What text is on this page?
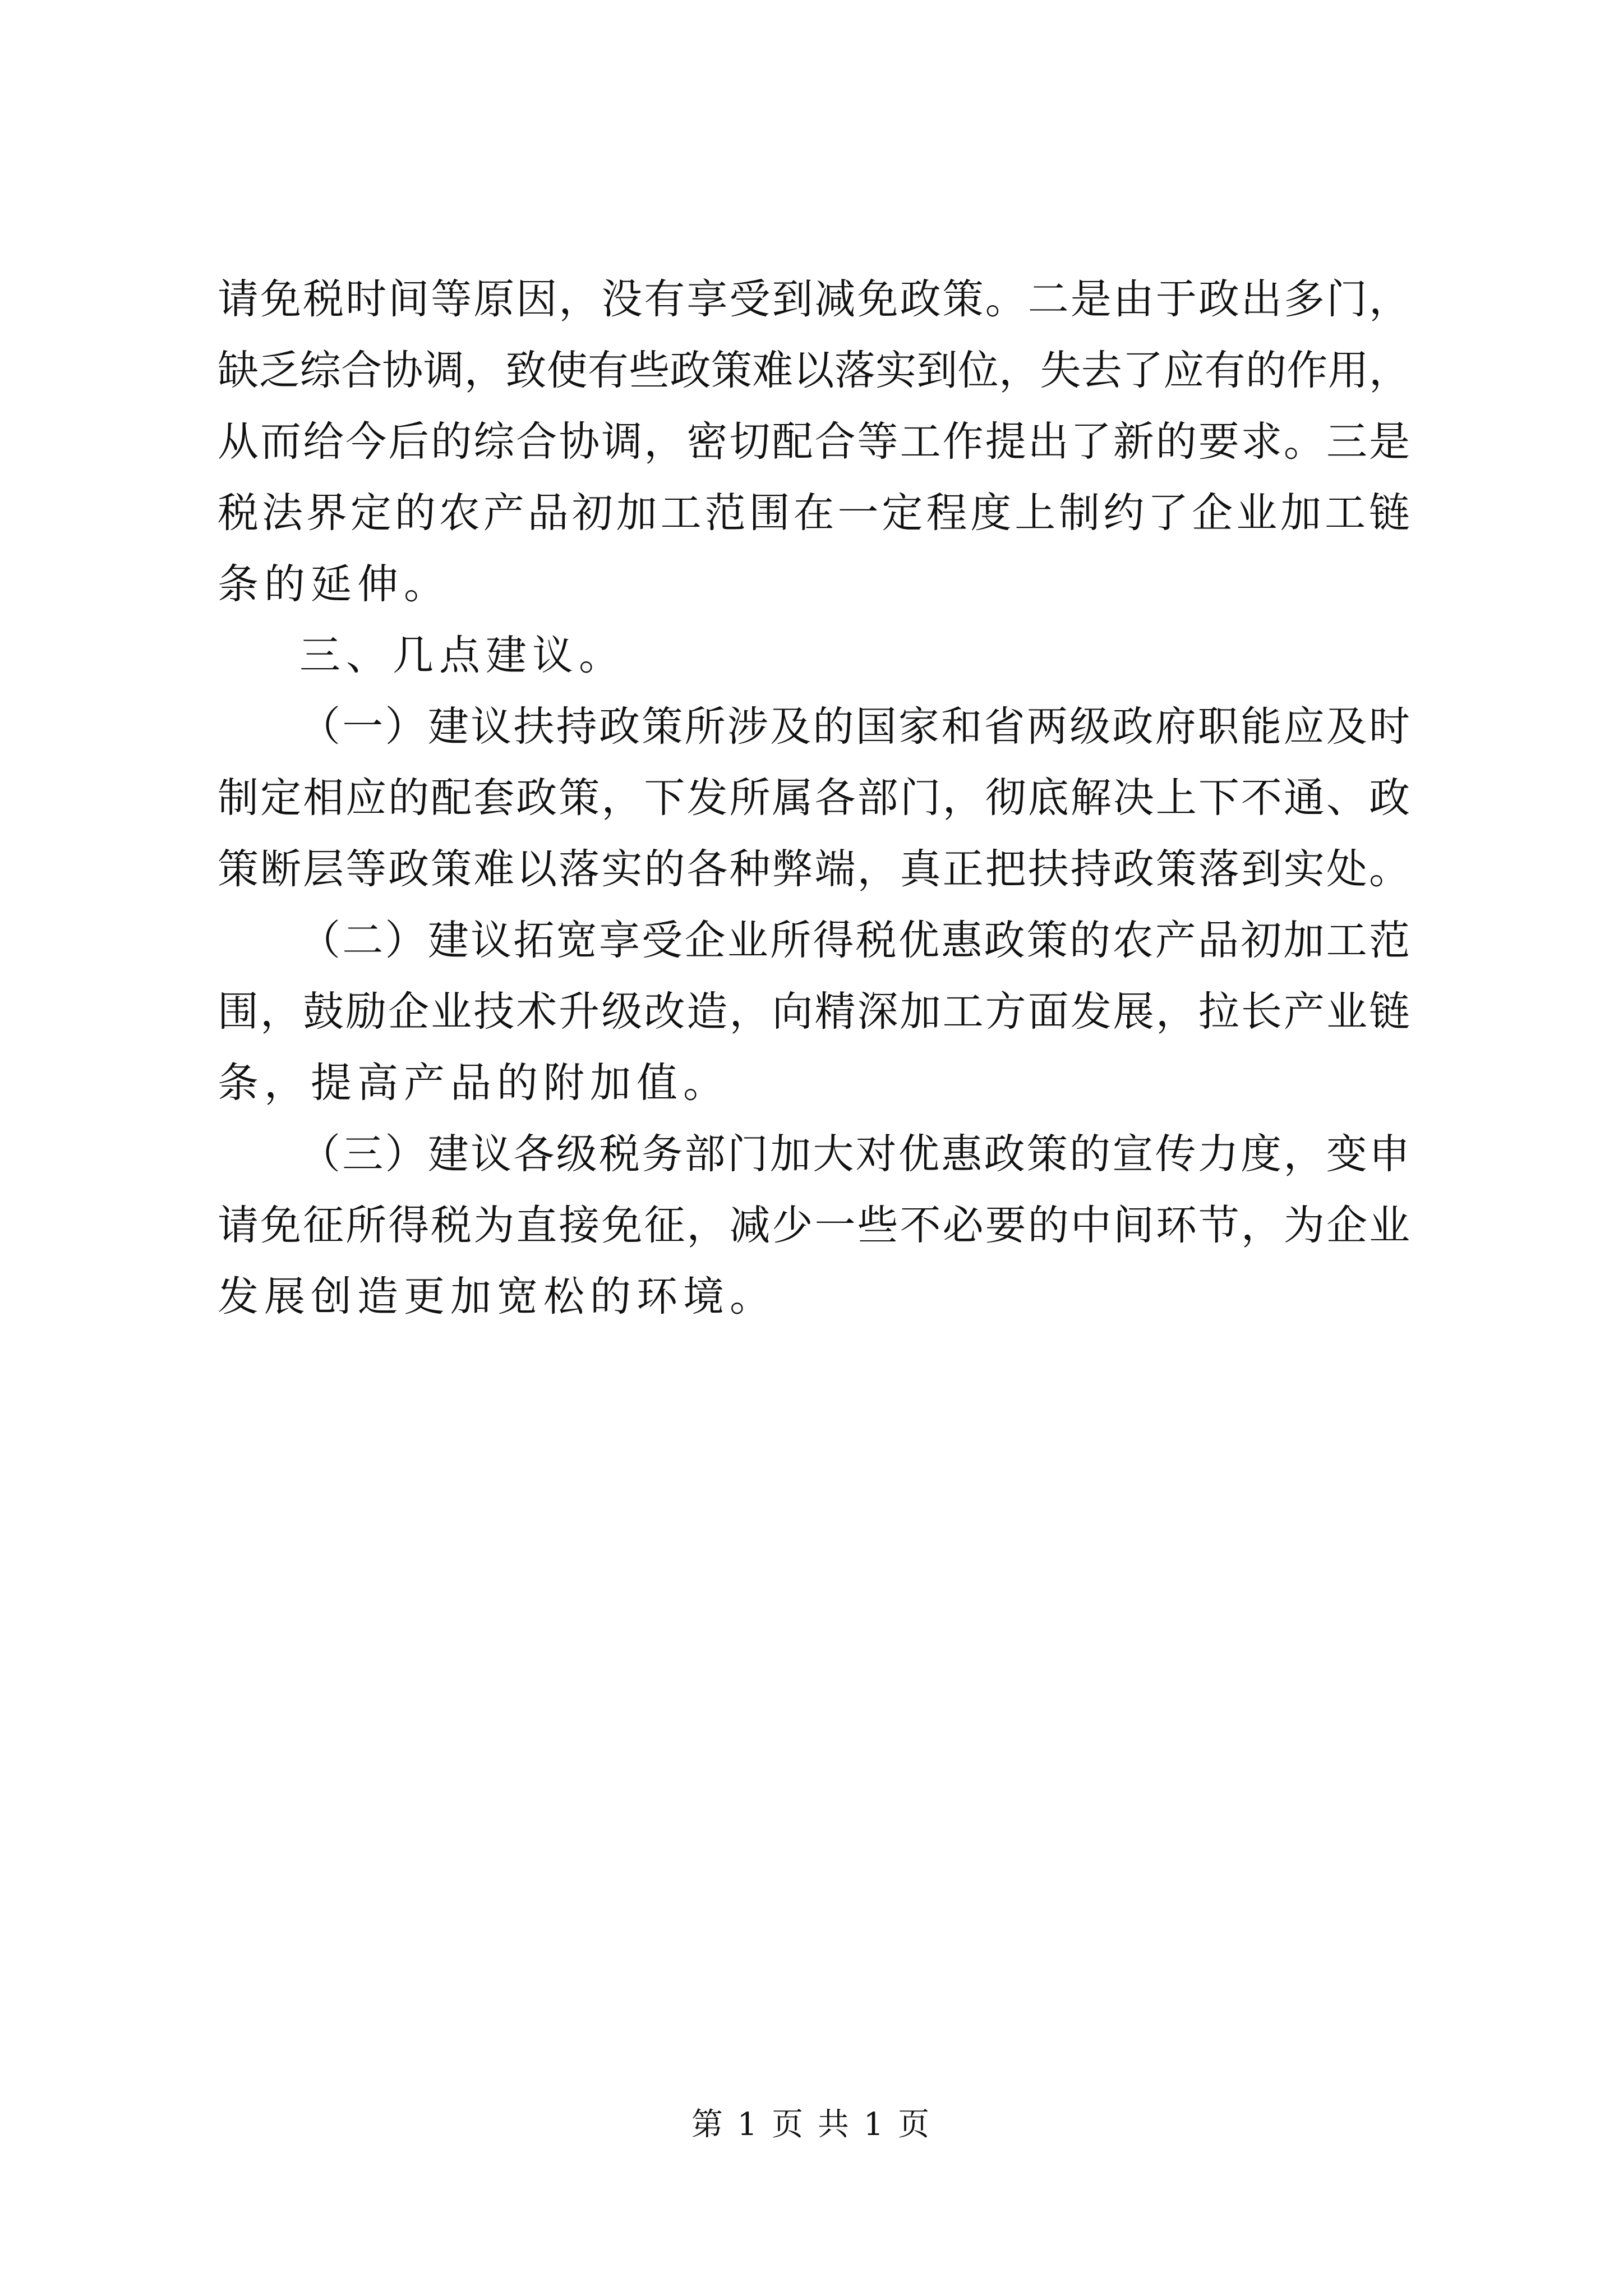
请免税时间等原因，没有享受到减免政策。二是由于政出多门，
缺乏综合协调，致使有些政策难以落实到位，失去了应有的作用，
从而给今后的综合协调，密切配合等工作提出了新的要求。三是
税法界定的农产品初加工范围在一定程度上制约了企业加工链
条的延伸。
三、几点建议。
（一）建议扶持政策所涉及的国家和省两级政府职能应及时
制定相应的配套政策，下发所属各部门，彻底解决上下不通、政
策断层等政策难以落实的各种弊端，真正把扶持政策落到实处。
（二）建议拓宽享受企业所得税优惠政策的农产品初加工范
围，鼓励企业技术升级改造，向精深加工方面发展，拉长产业链
条，提高产品的附加值。
（三）建议各级税务部门加大对优惠政策的宣传力度，变申
请免征所得税为直接免征，减少一些不必要的中间环节，为企业
发展创造更加宽松的环境。
第 1 页 共 1 页
